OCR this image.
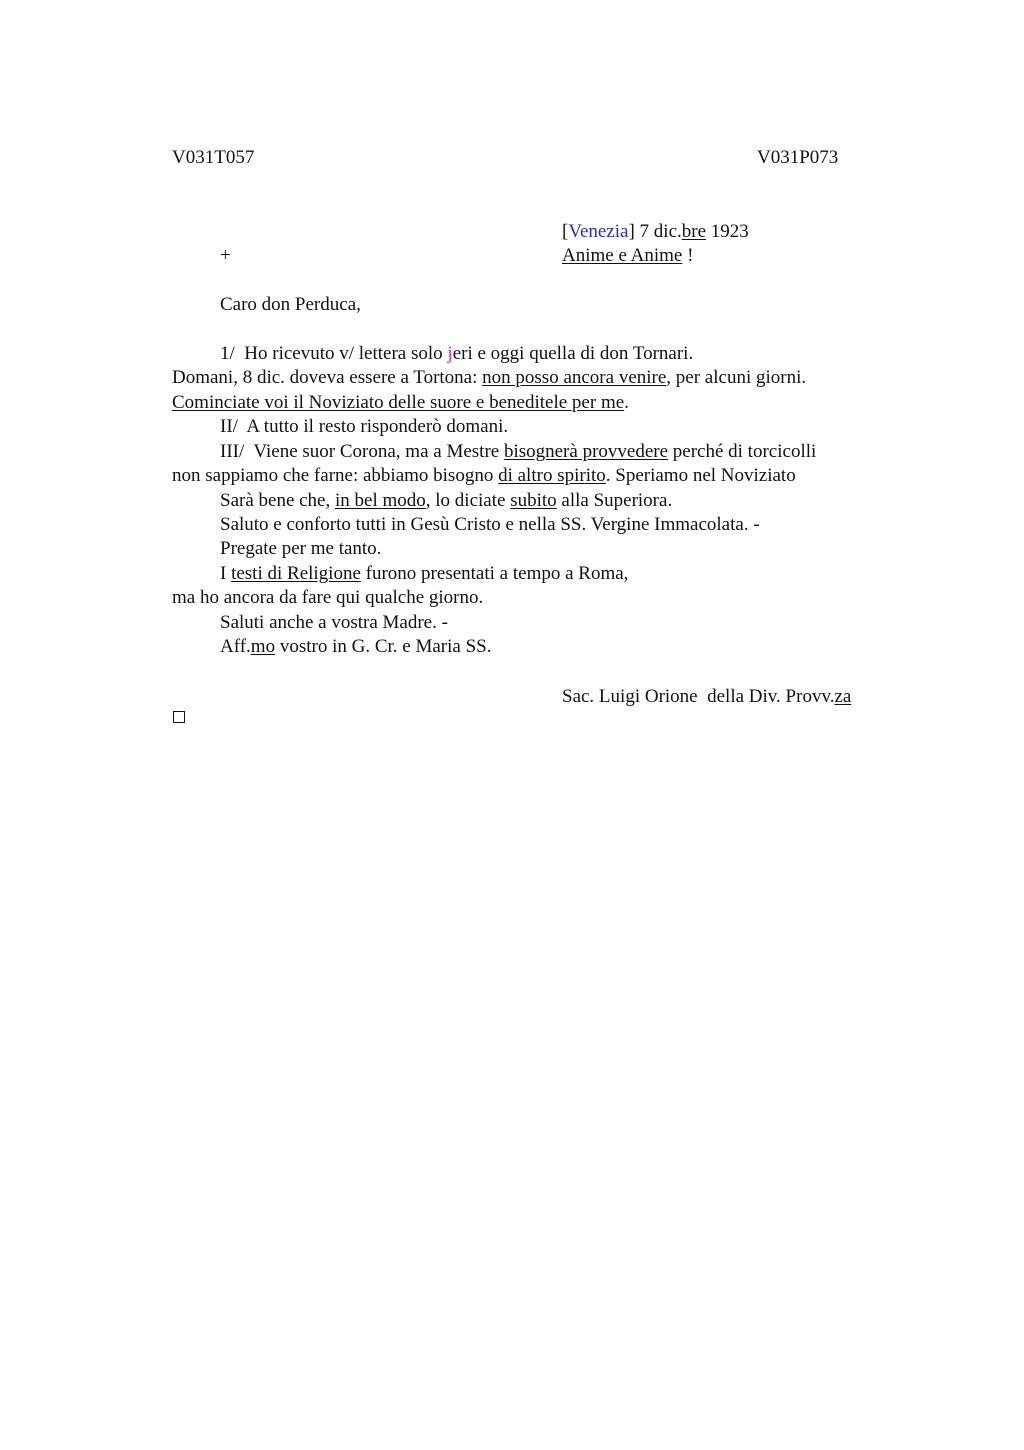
V031T057	V031P073
[Venezia] 7 dic.bre 1923
+	Anime e Anime !
Caro don Perduca,
1/  Ho ricevuto v/ lettera solo jeri e oggi quella di don Tornari.
Domani, 8 dic. doveva essere a Tortona: non posso ancora venire, per alcuni giorni.
Cominciate voi il Noviziato delle suore e beneditele per me.
II/  A tutto il resto risponderò domani.
III/  Viene suor Corona, ma a Mestre bisognerà provvedere perché di torcicolli
non sappiamo che farne: abbiamo bisogno di altro spirito. Speriamo nel Noviziato
Sarà bene che, in bel modo, lo diciate subito alla Superiora.
Saluto e conforto tutti in Gesù Cristo e nella SS. Vergine Immacolata. -
Pregate per me tanto.
I testi di Religione furono presentati a tempo a Roma,
ma ho ancora da fare qui qualche giorno.
Saluti anche a vostra Madre. -
Aff.mo vostro in G. Cr. e Maria SS.
Sac. Luigi Orione  della Div. Provv.za
